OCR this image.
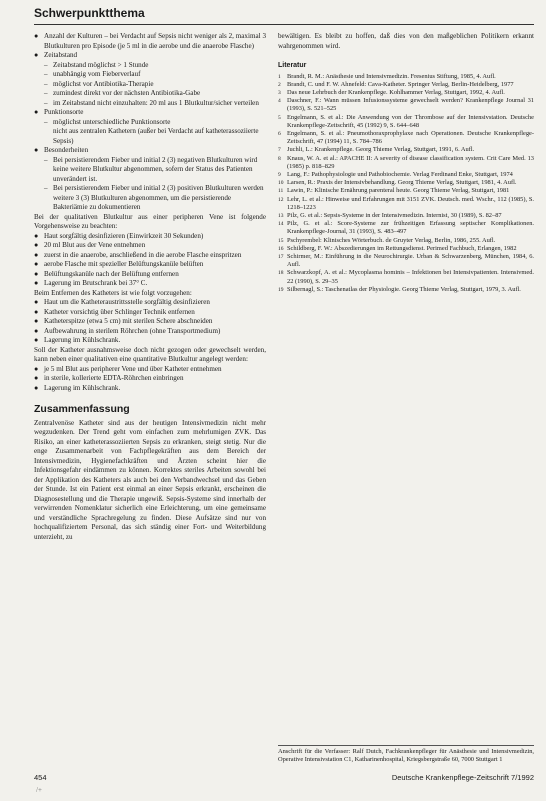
Schwerpunktthema
● Anzahl der Kulturen – bei Verdacht auf Sepsis nicht weniger als 2, maximal 3 Blutkulturen pro Episode (je 5 ml in die aerobe und die anaerobe Flasche)
● Zeitabstand
– Zeitabstand möglichst > 1 Stunde
– unabhängig vom Fieberverlauf
– möglichst vor Antibiotika-Therapie
– zumindest direkt vor der nächsten Antibiotika-Gabe
– im Zeitabstand nicht einzuhalten: 20 ml aus 1 Blutkultur/sicher verteilen
● Punktionsorte
– möglichst unterschiedliche Punktionsorte
nicht aus zentralen Kathetern (außer bei Verdacht auf katheterassoziierte Sepsis)
● Besonderheiten
– Bei persistierendem Fieber und initial 2 (3) negativen Blutkulturen wird keine weitere Blutkultur abgenommen, sofern der Status des Patienten unverändert ist.
– Bei persistierendem Fieber und initial 2 (3) positiven Blutkulturen werden weitere 3 (3) Blutkulturen abgenommen, um die persistierende Bakteriämie zu dokumentieren
Bei der qualitativen Blutkultur aus einer peripheren Vene ist folgende Vorgehensweise zu beachten:
● Haut sorgfältig desinfizieren (Einwirkzeit 30 Sekunden)
● 20 ml Blut aus der Vene entnehmen
● zuerst in die anaerobe, anschließend in die aerobe Flasche einspritzen
● aerobe Flasche mit spezieller Belüftungskanüle belüften
● Belüftungskanüle nach der Belüftung entfernen
● Lagerung im Brutschrank bei 37° C.
Beim Entfernen des Katheters ist wie folgt vorzugehen:
● Haut um die Katheteraustrittsstelle sorgfältig desinfizieren
● Katheter vorsichtig über Schlinger Technik entfernen
● Katheterspitze (etwa 5 cm) mit sterilen Schere abschneiden
● Aufbewahrung in sterilem Röhrchen (ohne Transportmedium)
● Lagerung im Kühlschrank.
Soll der Katheter ausnahmsweise doch nicht gezogen oder gewechselt werden, kann neben einer qualitativen eine quantitative Blutkultur angelegt werden:
● je 5 ml Blut aus peripherer Vene und über Katheter entnehmen
● in sterile, kollerierte EDTA-Röhrchen einbringen
● Lagerung im Kühlschrank.
Zusammenfassung
Zentralvenöse Katheter sind aus der heutigen Intensivmedizin nicht mehr wegzudenken. Der Trend geht vom einfachen zum mehrlumigen ZVK. Das Risiko, an einer katheterassoziierten Sepsis zu erkranken, steigt stetig. Nur die enge Zusammenarbeit von Fachpflegekräften aus dem Bereich der Intensivmedizin, Hygienefachkräften und Ärzten scheint hier die Infektionsgefahr eindämmen zu können. Korrektes steriles Arbeiten sowohl bei der Applikation des Katheters als auch bei den Verbandwechsel und das Geben der Stunde. Ist ein Patient erst einmal an einer Sepsis erkrankt, erscheinen die Diagnosestellung und die Therapie ungewiß. Sepsis-Systeme sind innerhalb der verwirrenden Nomenklatur sicherlich eine Erleichterung, um eine gemeinsame und verständliche Sprachregelung zu finden. Diese Aufsätze sind nur von hochqualifiziertem Personal, das sich ständig einer Fort- und Weiterbildung unterzieht, zu
bewältigen. Es bleibt zu hoffen, daß dies von den maßgeblichen Politikern erkannt wahrgenommen wird.
Literatur
1 Brandt, R. M.: Anästhesie und Intensivmedizin. Fresenius Stiftung, 1985, 4. Aufl.
2 Brandt, C. und F. W. Ahnefeld: Cava-Katheter. Springer Verlag, Berlin-Heidelberg, 1977
3 Das neue Lehrbuch der Krankenpflege. Kohlhammer Verlag, Stuttgart, 1992, 4. Aufl.
4 Daschner, F.: Wann müssen Infusionssysteme gewechselt werden? Krankenpflege Journal 31 (1993), S. 521–525
5 Engelmann, S. et al.: Die Anwendung von der Thrombose auf der Intensivstation. Deutsche Krankenpflege-Zeitschrift, 45 (1992) 9, S. 644–648
6 Engelmann, S. et al.: Pneumothoraxprophylaxe nach Operationen. Deutsche Krankenpflege-Zeitschrift, 47 (1994) 11, S. 784–786
7 Juchli, L.: Krankenpflege. Georg Thieme Verlag, Stuttgart, 1991, 6. Aufl.
8 Knaus, W. A. et al.: APACHE II: A severity of disease classification system. Crit Care Med. 13 (1985) p. 818–829
9 Lang, F.: Pathophysiologie und Pathobiochemie. Verlag Ferdinand Enke, Stuttgart, 1974
10 Larsen, R.: Praxis der Intensivbehandlung. Georg Thieme Verlag, Stuttgart, 1981, 4. Aufl.
11 Lawin, P.: Klinische Ernährung parenteral heute. Georg Thieme Verlag, Stuttgart, 1981
12 Lehr, L. et al.: Hinweise und Erfahrungen mit 3151 ZVK. Deutsch. med. Wschr., 112 (1985), S. 1218–1223
13 Pilz, G. et al.: Sepsis-Systeme in der Intensivmedizin. Internist, 30 (1989), S. 82–87
14 Pilz, G. et al.: Score-Systeme zur frühzeitigen Erfassung septischer Komplikationen. Krankenpflege-Journal, 31 (1993), S. 483–497
15 Pschyrembel: Klinisches Wörterbuch. de Gruyter Verlag, Berlin, 1986, 255. Aufl.
16 Schildberg, F. W.: Abszedierungen im Rettungsdienst. Perimed Fachbuch, Erlangen, 1982
17 Schirmer, M.: Einführung in die Neurochirurgie. Urban & Schwarzenberg, München, 1984, 6. Aufl.
18 Schwarzkopf, A. et al.: Mycoplasma hominis – Infektionen bei Intensivpatienten. Intensivmed. 22 (1990), S. 29–35
19 Silbernagl, S.: Taschenatlas der Physiologie. Georg Thieme Verlag, Stuttgart, 1979, 3. Aufl.
Anschrift für die Verfasser: Ralf Dutch, Fachkrankenpfleger für Anästhesie und Intensivmedizin, Operative Intensivstation C1, Katharinenhospital, Kriegsbergstraße 60, 7000 Stuttgart 1
454	Deutsche Krankenpflege-Zeitschrift 7/1992
/+
